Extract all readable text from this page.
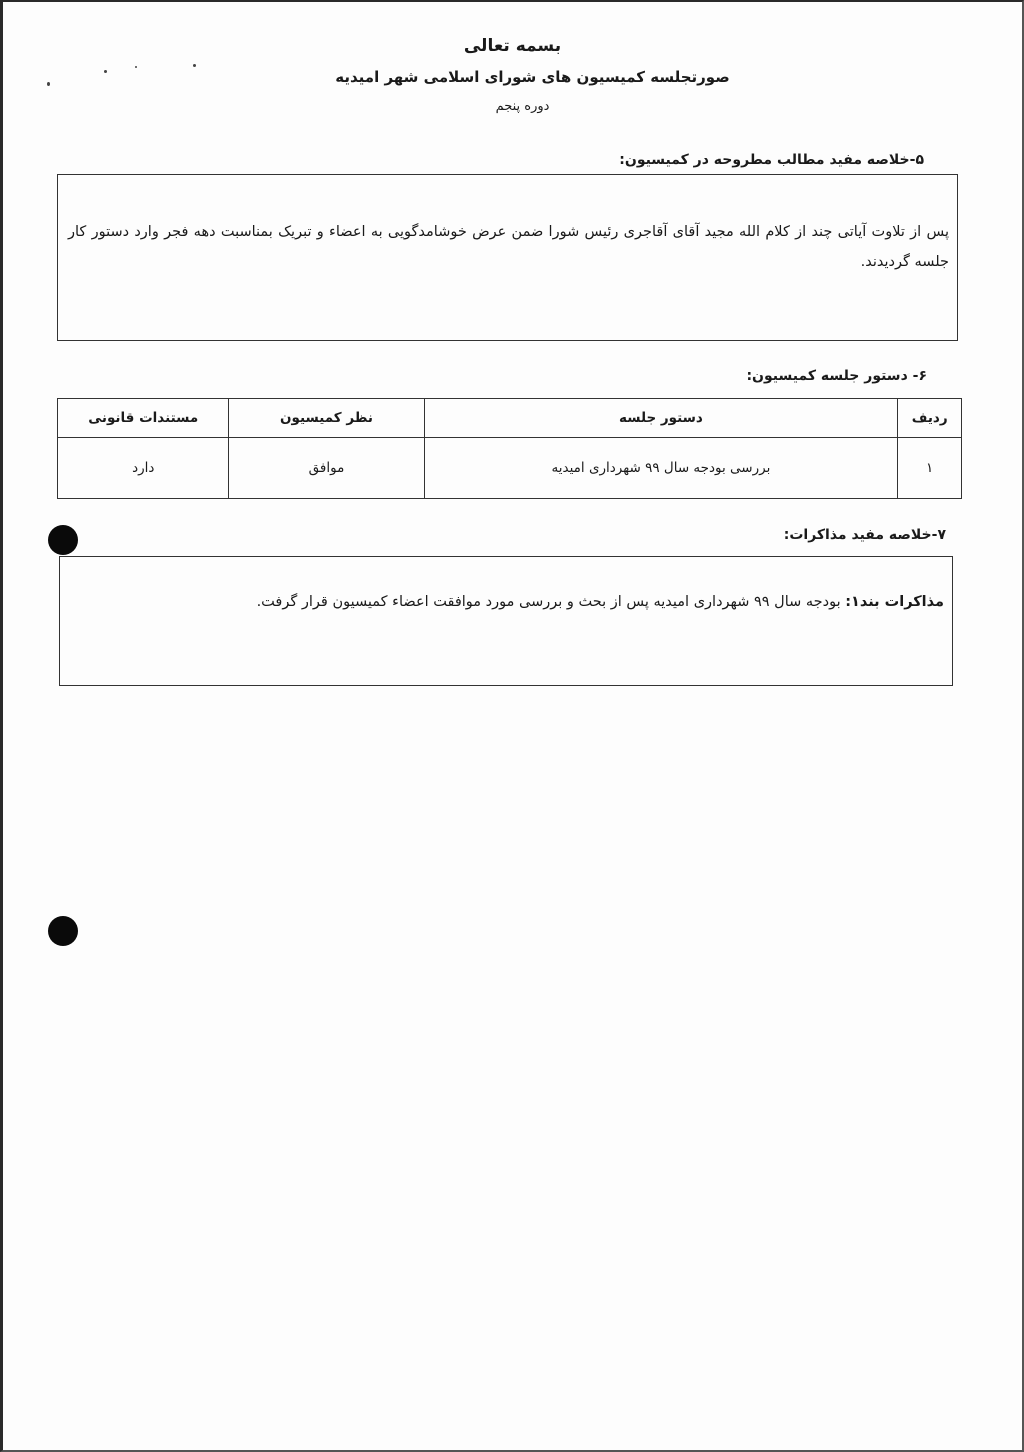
بسمه تعالی
صورتجلسه کمیسیون های شورای اسلامی شهر امیدیه
دوره پنجم
۵-خلاصه مفید مطالب مطروحه در کمیسیون:
پس از تلاوت آیاتی چند از کلام الله مجید آقای آقاجری رئیس شورا ضمن عرض خوشامدگویی به اعضاء و تبریک بمناسبت دهه فجر وارد دستور کار جلسه گردیدند.
۶- دستور جلسه کمیسیون:
ردیف	دستور جلسه	نظر کمیسیون	مستندات قانونی
۱	بررسی بودجه سال ۹۹ شهرداری امیدیه	موافق	دارد
۷-خلاصه مفید مذاکرات:
مذاکرات بند۱: بودجه سال ۹۹ شهرداری امیدیه پس از بحث و بررسی مورد موافقت اعضاء کمیسیون قرار گرفت.
